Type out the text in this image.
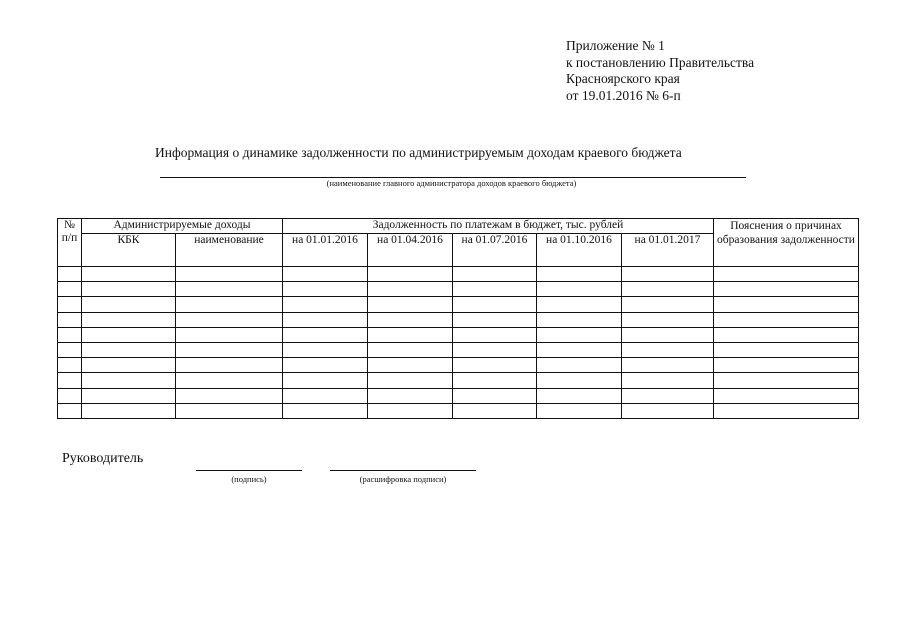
Приложение № 1
к постановлению Правительства
Красноярского края
от 19.01.2016 № 6-п
Информация о динамике задолженности по администрируемым доходам краевого бюджета
(наименование главного администратора доходов краевого бюджета)
№
п/п	Администрируемые доходы		Задолженность по платежам в бюджет, тыс. рублей					Пояснения о причинах образования задолженности
	КБК	наименование	на 01.01.2016	на 01.04.2016	на 01.07.2016	на 01.10.2016	на 01.01.2017	

Руководитель
(подпись)	(расшифровка подписи)
